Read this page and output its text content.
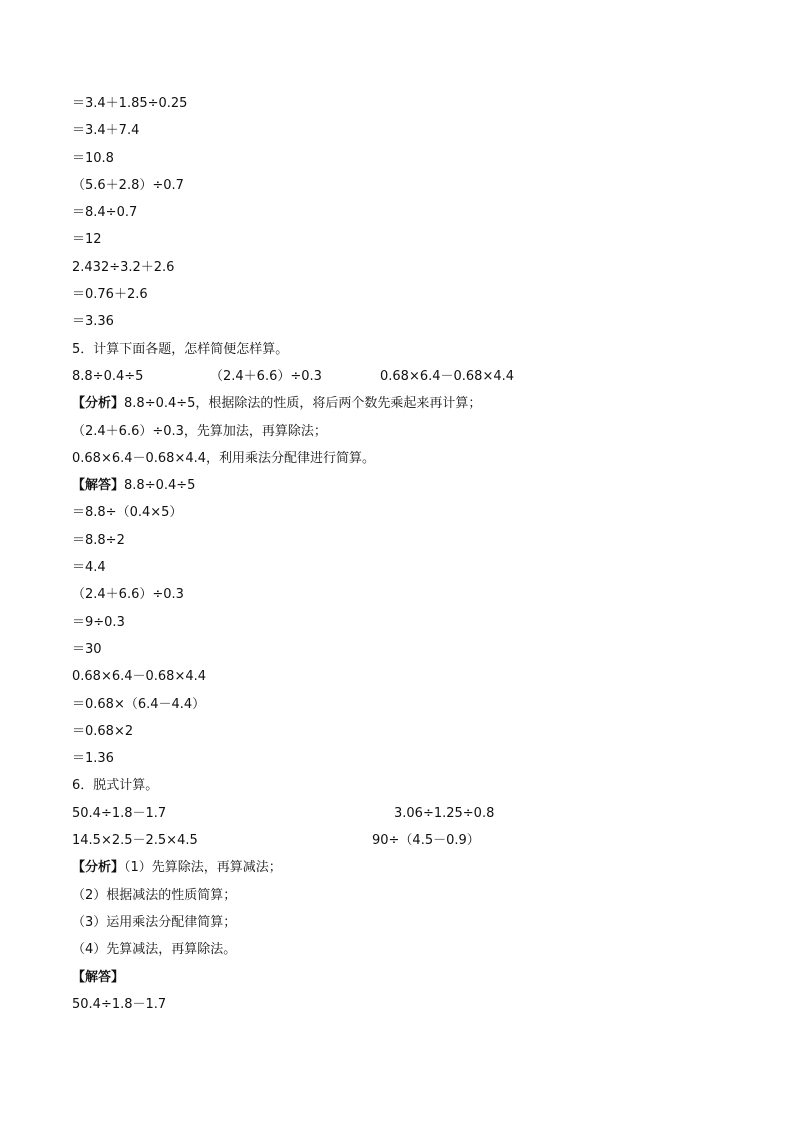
＝3.4＋1.85÷0.25
＝3.4＋7.4
＝10.8
（5.6＋2.8）÷0.7
＝8.4÷0.7
＝12
2.432÷3.2＋2.6
＝0.76＋2.6
＝3.36
5．计算下面各题，怎样简便怎样算。

8.8÷0.4÷5

	（2.4＋6.6）÷0.3

	0.68×6.4－0.68×4.4

【分析】8.8÷0.4÷5，根据除法的性质，将后两个数先乘起来再计算；
（2.4＋6.6）÷0.3，先算加法，再算除法；
0.68×6.4－0.68×4.4，利用乘法分配律进行简算。
【解答】8.8÷0.4÷5
＝8.8÷（0.4×5）
＝8.8÷2
＝4.4
（2.4＋6.6）÷0.3
＝9÷0.3
＝30
0.68×6.4－0.68×4.4
＝0.68×（6.4－4.4）
＝0.68×2
＝1.36
6．脱式计算。

50.4÷1.8－1.7

	3.06÷1.25÷0.8

14.5×2.5－2.5×4.5

	90÷（4.5－0.9）

【分析】（1）先算除法，再算减法；
（2）根据减法的性质简算；
（3）运用乘法分配律简算；
（4）先算减法，再算除法。
【解答】
50.4÷1.8－1.7
